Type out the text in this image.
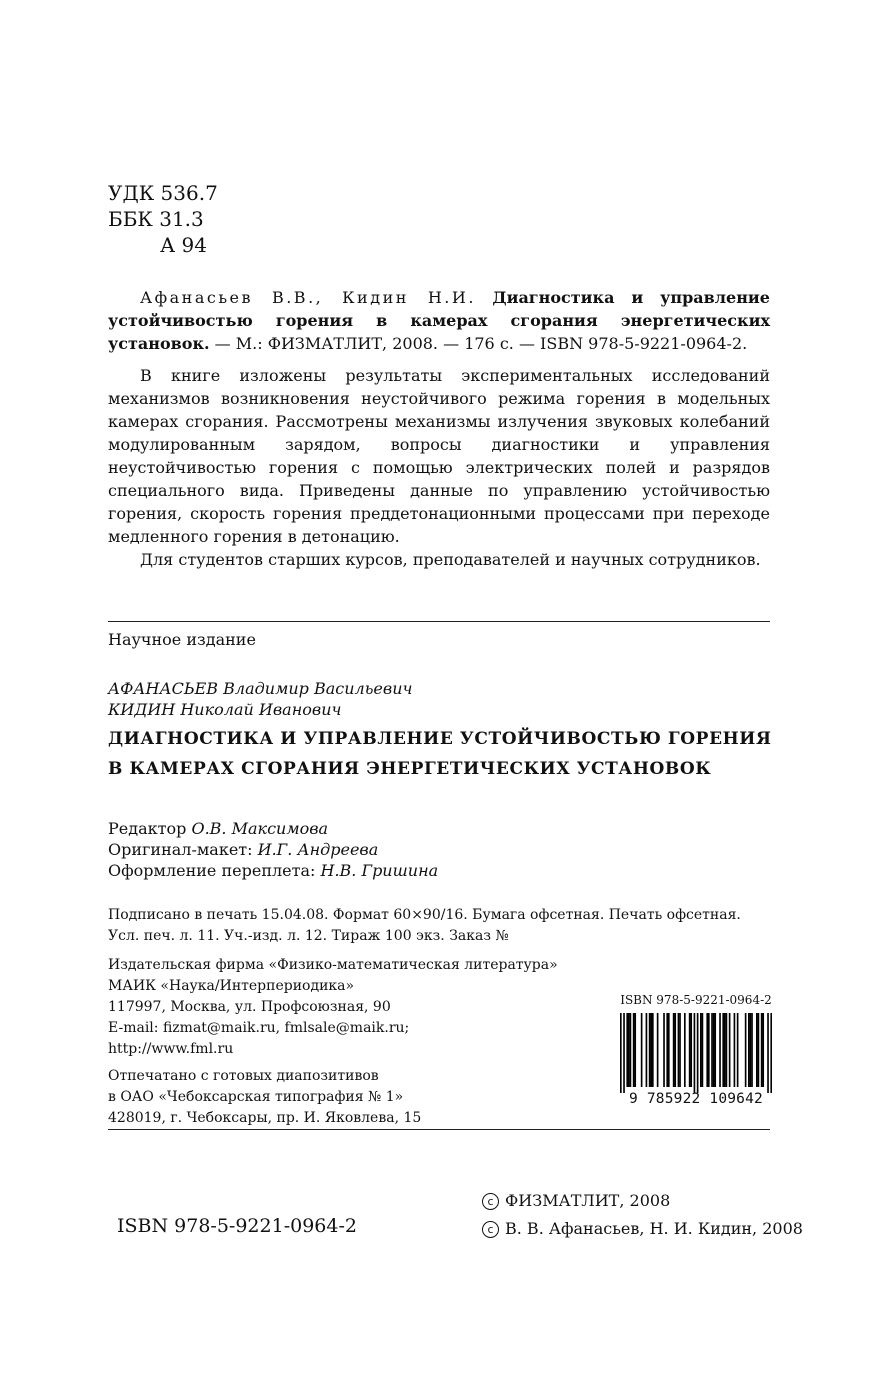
УДК 536.7
ББК 31.3
А 94

Афанасьев В.В., Кидин Н.И. Диагностика и управление устойчивостью горения в камерах сгорания энергетических установок. — М.: ФИЗМАТЛИТ, 2008. — 176 с. — ISBN 978-5-9221-0964-2.

В книге изложены результаты экспериментальных исследований механизмов возникновения неустойчивого режима горения в модельных камерах сгорания. Рассмотрены механизмы излучения звуковых колебаний модулированным зарядом, вопросы диагностики и управления неустойчивостью горения с помощью электрических полей и разрядов специального вида. Приведены данные по управлению устойчивостью горения, скорость горения преддетонационными процессами при переходе медленного горения в детонацию.

Для студентов старших курсов, преподавателей и научных сотрудников.

Научное издание
АФАНАСЬЕВ Владимир Васильевич
КИДИН Николай Иванович
ДИАГНОСТИКА И УПРАВЛЕНИЕ УСТОЙЧИВОСТЬЮ ГОРЕНИЯ
В КАМЕРАХ СГОРАНИЯ ЭНЕРГЕТИЧЕСКИХ УСТАНОВОК
Редактор О.В. Максимова
Оригинал-макет: И.Г. Андреева
Оформление переплета: Н.В. Гришина
Подписано в печать 15.04.08. Формат 60×90/16. Бумага офсетная. Печать офсетная.
Усл. печ. л. 11. Уч.-изд. л. 12. Тираж 100 экз. Заказ №
Издательская фирма «Физико-математическая литература»
МАИК «Наука/Интерпериодика»
117997, Москва, ул. Профсоюзная, 90
E-mail: fizmat@maik.ru, fmlsale@maik.ru;
http://www.fml.ru
Отпечатано с готовых диапозитивов
в ОАО «Чебоксарская типография № 1»
428019, г. Чебоксары, пр. И. Яковлева, 15
ISBN 978-5-9221-0964-2
9 785922 109642
ISBN 978-5-9221-0964-2
c ФИЗМАТЛИТ, 2008
c В. В. Афанасьев, Н. И. Кидин, 2008
